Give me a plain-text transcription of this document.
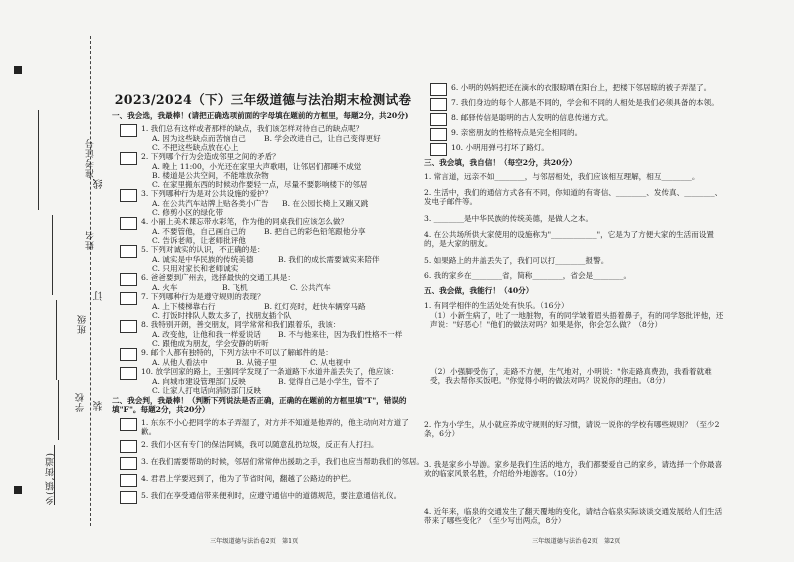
准考证号
姓名
班级
学校
乡(镇,街道)
线
订
装
2023/2024（下）三年级道德与法治期末检测试卷
一、我会选，我最棒！(请把正确选项前面的字母填在题前的方框里，每题2分，共20分)
1. 我们总有这样或者那样的缺点，我们该怎样对待自己的缺点呢？
A. 因为这些缺点而苦恼自己 B. 学会改进自己，让自己变得更好
C. 不把这些缺点放在心上
2. 下列哪个行为会造成邻里之间的矛盾？
A. 晚上 11:00，小光还在家里大声歌唱，让邻居们都睡不成觉
B. 楼道是公共空间，不能堆放杂物
C. 在家里搬东西的时候动作要轻一点，尽量不要影响楼下的邻居
3. 下列哪种行为是对公共设施的爱护？
A. 在公共汽车站牌上贴各类小广告 B. 在公园长椅上又蹦又跳
C. 修剪小区的绿化带
4. 小丽上美术课忘带水彩笔，作为他的同桌我们应该怎么做？
A. 不要管他，自己画自己的 B. 把自己的彩色铅笔跟他分享
C. 告诉老师，让老师批评他
5. 下列对诚实的认识，不正确的是：
A. 诚实是中华民族的传统美德	B. 我们的成长需要诚实来陪伴
C. 只用对家长和老师诚实
6. 爸爸要到广州去，选择最快的交通工具是：
A. 火车	B. 飞机	C. 公共汽车
7. 下列哪种行为是遵守规则的表现？
A. 上下楼梯靠右行	B. 红灯亮时，赶快车辆穿马路
C. 打饭时排队人数太多了，找朋友插个队
8. 我特别开朗，善交朋友，同学常常和我们跟着乐，我该：
A. 改变他，让他和我一样爱说话 B. 不与他来往，因为我们性格不一样
C. 跟他成为朋友，学会安静的听听
9. 邮个人都有独特的，下列方法中不可以了解邮件的是：
A. 从他人看法中	B. 从镜子里	C. 从电视中
10. 放学回家的路上，王强同学发现了一条道路下水道井盖丢失了，他应该：
A. 向城市建设管理部门反映	B. 觉得自己是小学生，管不了
C. 让家人打电话向消防部门反映
二、我会判，我最棒！（判断下列说法是否正确，正确的在题前的方框里填"T"，错误的填"F"。每题2分，共20分）
1. 东东不小心把同学的本子弄湿了，对方并不知道是他弄的，他主动向对方道了歉。
2. 我们小区有专门的保洁阿姨，我可以随意乱扔垃圾，反正有人打扫。
3. 在我们需要帮助的时候，邻居们常常伸出援助之手，我们也应当帮助我们的邻居。
4. 君君上学要迟到了，他为了节省时间，翻越了公路边的护栏。
5. 我们在享受通信带来便利时，应遵守通信中的道德规范，要注意通信礼仪。
三年级道德与法治卷2页　第1页
6. 小明的妈妈把还在滴水的衣服晾晒在阳台上，把楼下邻居晾的被子弄湿了。
7. 我们身边的每个人都是不同的，学会和不同的人相处是我们必须具备的本领。
8. 邮驿传信是聪明的古人发明的信息传递方式。
9. 亲密朋友的性格特点是完全相同的。
10. 小明用弹弓打坏了路灯。
三、我会填，我自信！（每空2分，共20分）
1. 常言道，远亲不如________，与邻居相处，我们应该相互理解，相互________。
2. 生活中，我们的通信方式各有不同，你知道的有寄信、________、发传真、________、发电子邮件等。
3. ________是中华民族的传统美德，是做人之本。
4. 在公共场所供大家使用的设施称为"____________"，它是为了方便大家的生活而设置的，是大家的朋友。
5. 如果路上的井盖丢失了，我们可以打________报警。
6. 我的家乡在________省，简称________，省会是________。
五、我会做，我能行！（40分）
1. 有同学相伴的生活处处有快乐。（16分）
（1）小新生病了，吐了一地脏物，有的同学皱着眉头捂着鼻子，有的同学怒批评他，还声说："好恶心！"他们的做法对吗？如果是你，你会怎么做？（8分）
（2）小强脚受伤了，走路不方便，生气地对，小明说："你走路真费劲，我看着就难受，我去帮你买饭吧。"你觉得小明的做法对吗？说说你的理由。（8分）
2. 作为小学生，从小就应养成守规则的好习惯，请说一说你的学校有哪些规则？（至少2条，6分）
3. 我是家乡小导游。家乡是我们生活的地方，我们都要爱自己的家乡，请选择一个你最喜欢的临家风景名胜，介绍给外地游客。（10分）
4. 近年来，临泉的交通发生了翻天覆地的变化，请结合临泉实际谈谈交通发展给人们生活带来了哪些变化？（至少写出两点，8分）
三年级道德与法治卷2页　第2页
